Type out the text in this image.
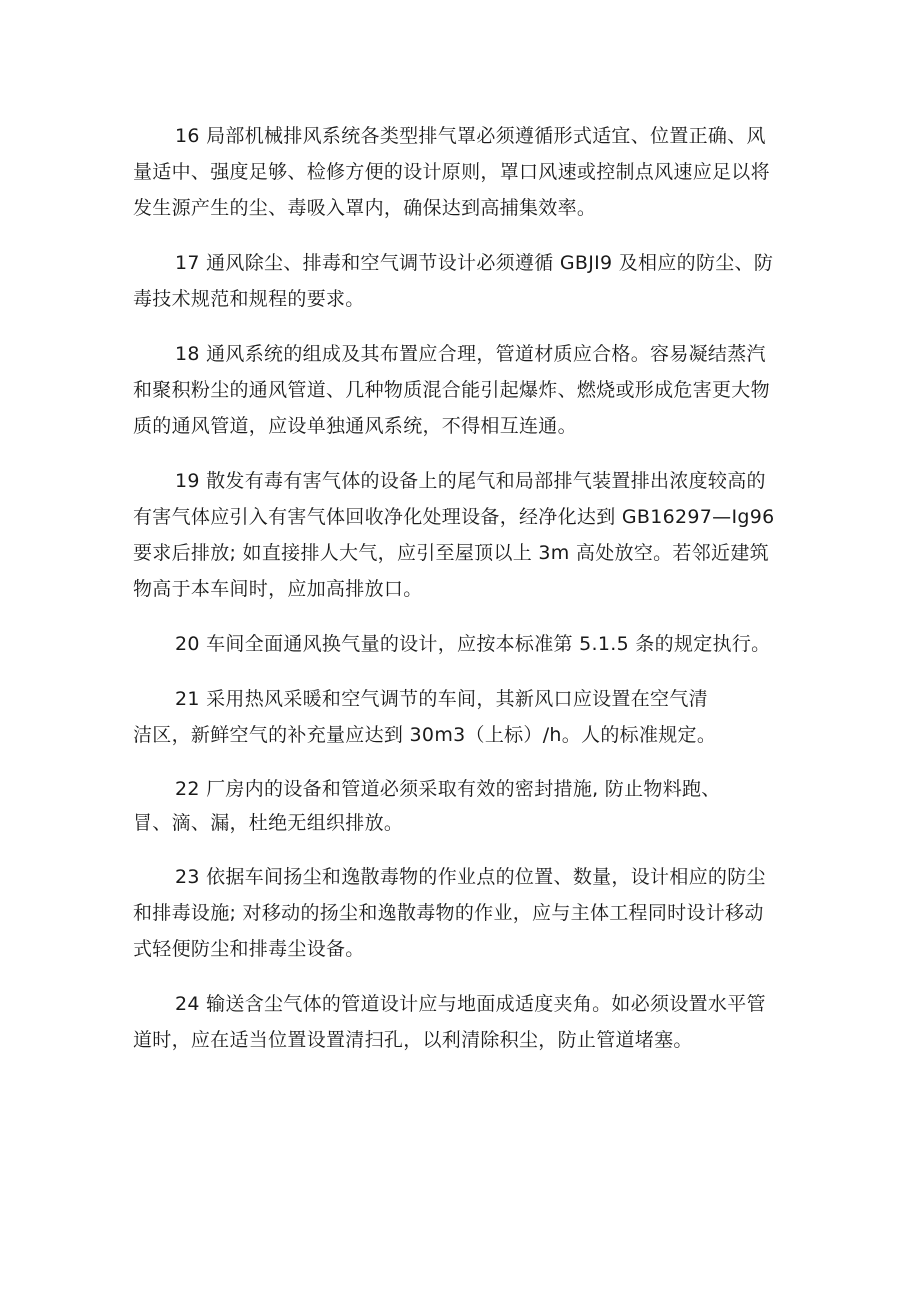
16 局部机械排风系统各类型排气罩必须遵循形式适宜、位置正确、风
量适中、强度足够、检修方便的设计原则，罩口风速或控制点风速应足以将
发生源产生的尘、毒吸入罩内，确保达到高捕集效率。

17 通风除尘、排毒和空气调节设计必须遵循 GBJI9 及相应的防尘、防
毒技术规范和规程的要求。

18 通风系统的组成及其布置应合理，管道材质应合格。容易凝结蒸汽
和聚积粉尘的通风管道、几种物质混合能引起爆炸、燃烧或形成危害更大物
质的通风管道，应设单独通风系统，不得相互连通。

19 散发有毒有害气体的设备上的尾气和局部排气装置排出浓度较高的
有害气体应引入有害气体回收净化处理设备，经净化达到 GB16297—Ig96
要求后排放; 如直接排人大气，应引至屋顶以上 3m 高处放空。若邻近建筑
物高于本车间时，应加高排放口。

20 车间全面通风换气量的设计，应按本标准第 5.1.5 条的规定执行。

21 采用热风采暖和空气调节的车间，其新风口应设置在空气清
洁区，新鲜空气的补充量应达到 30m3（上标）/h。人的标准规定。

22 厂房内的设备和管道必须采取有效的密封措施, 防止物料跑、
冒、滴、漏，杜绝无组织排放。

23 依据车间扬尘和逸散毒物的作业点的位置、数量，设计相应的防尘
和排毒设施; 对移动的扬尘和逸散毒物的作业，应与主体工程同时设计移动
式轻便防尘和排毒尘设备。

24 输送含尘气体的管道设计应与地面成适度夹角。如必须设置水平管
道时，应在适当位置设置清扫孔，以利清除积尘，防止管道堵塞。
